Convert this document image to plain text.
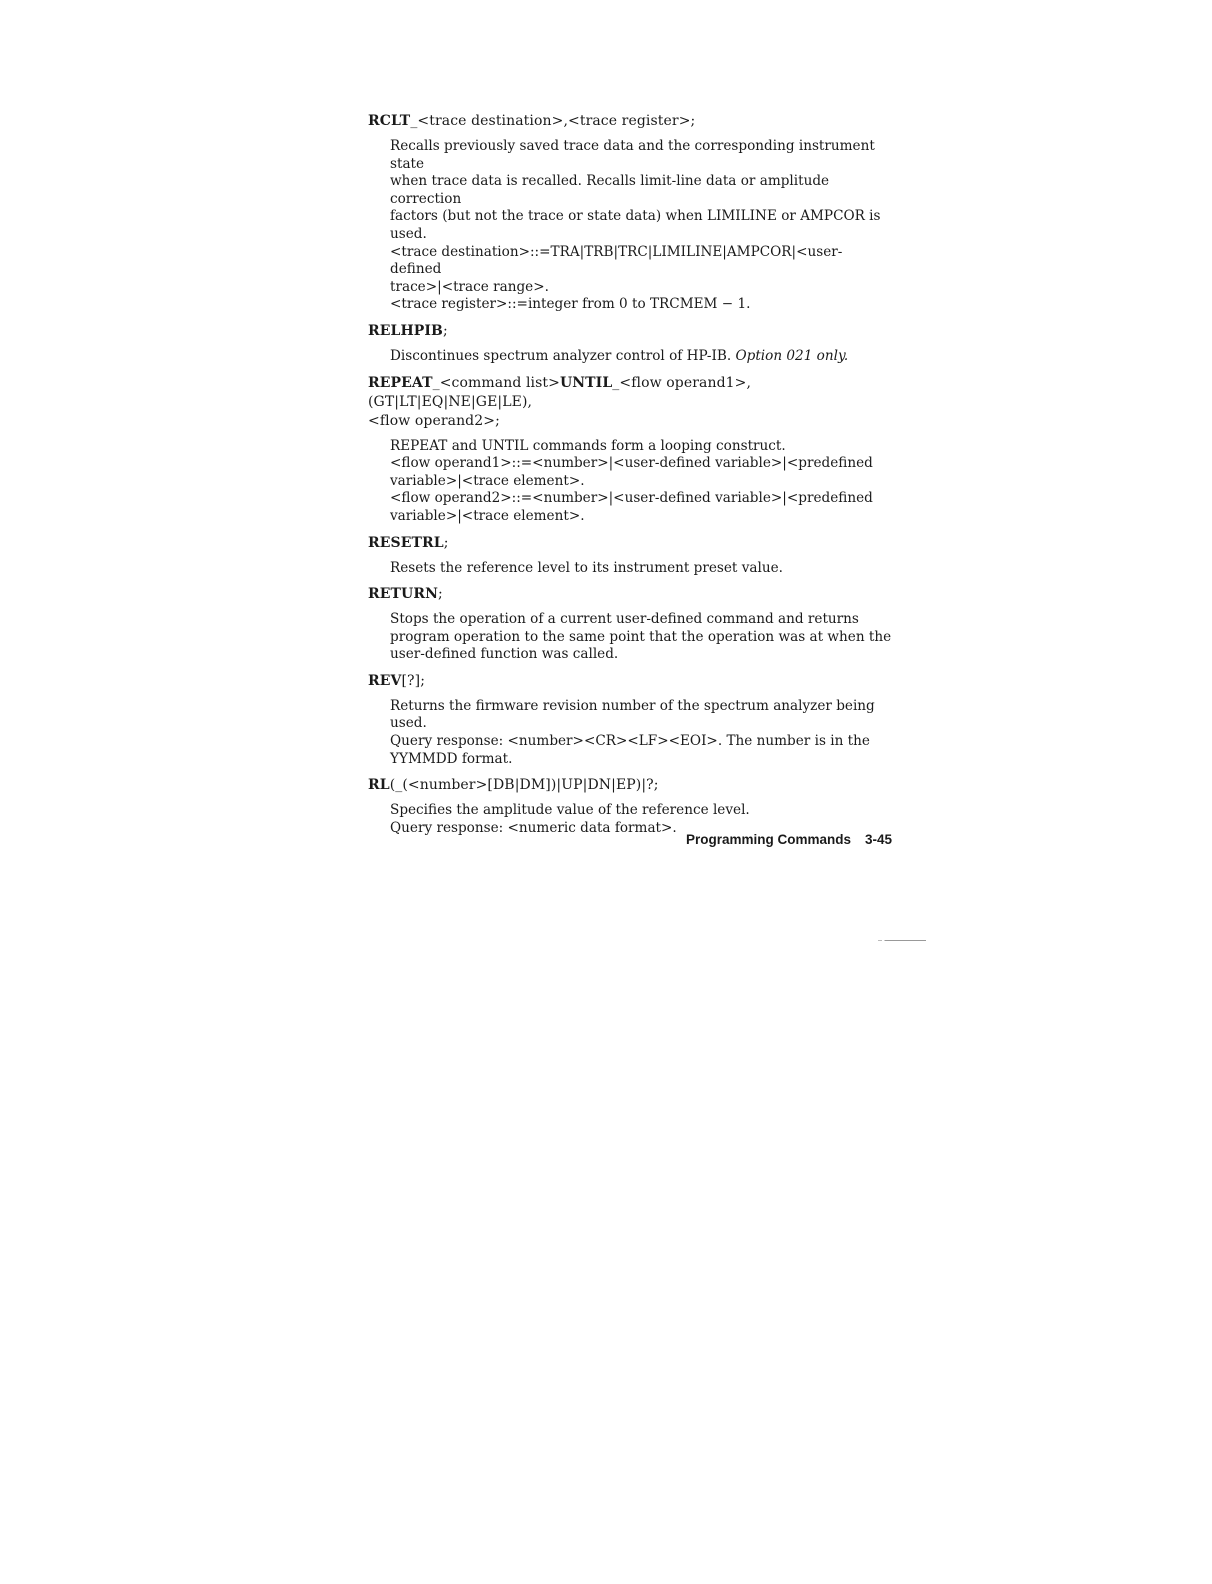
RCLT_<trace destination>,<trace register>;

Recalls previously saved trace data and the corresponding instrument state

when trace data is recalled. Recalls limit-line data or amplitude correction

factors (but not the trace or state data) when LIMILINE or AMPCOR is

used.

<trace destination>::=TRA|TRB|TRC|LIMILINE|AMPCOR|<user-defined

trace>|<trace range>.

<trace register>::=integer from 0 to TRCMEM − 1.

RELHPIB;

Discontinues spectrum analyzer control of HP-IB. Option 021 only.

REPEAT_<command list>UNTIL_<flow operand1>, (GT|LT|EQ|NE|GE|LE),
<flow operand2>;

REPEAT and UNTIL commands form a looping construct.

<flow operand1>::=<number>|<user-defined variable>|<predefined

variable>|<trace element>.

<flow operand2>::=<number>|<user-defined variable>|<predefined

variable>|<trace element>.

RESETRL;

Resets the reference level to its instrument preset value.

RETURN;

Stops the operation of a current user-defined command and returns

program operation to the same point that the operation was at when the

user-defined function was called.

REV[?];

Returns the firmware revision number of the spectrum analyzer being

used.

Query response: <number><CR><LF><EOI>. The number is in the

YYMMDD format.

RL(_(<number>[DB|DM])|UP|DN|EP)|?;

Specifies the amplitude value of the reference level.

Query response: <numeric data format>.

Programming Commands 3-45
